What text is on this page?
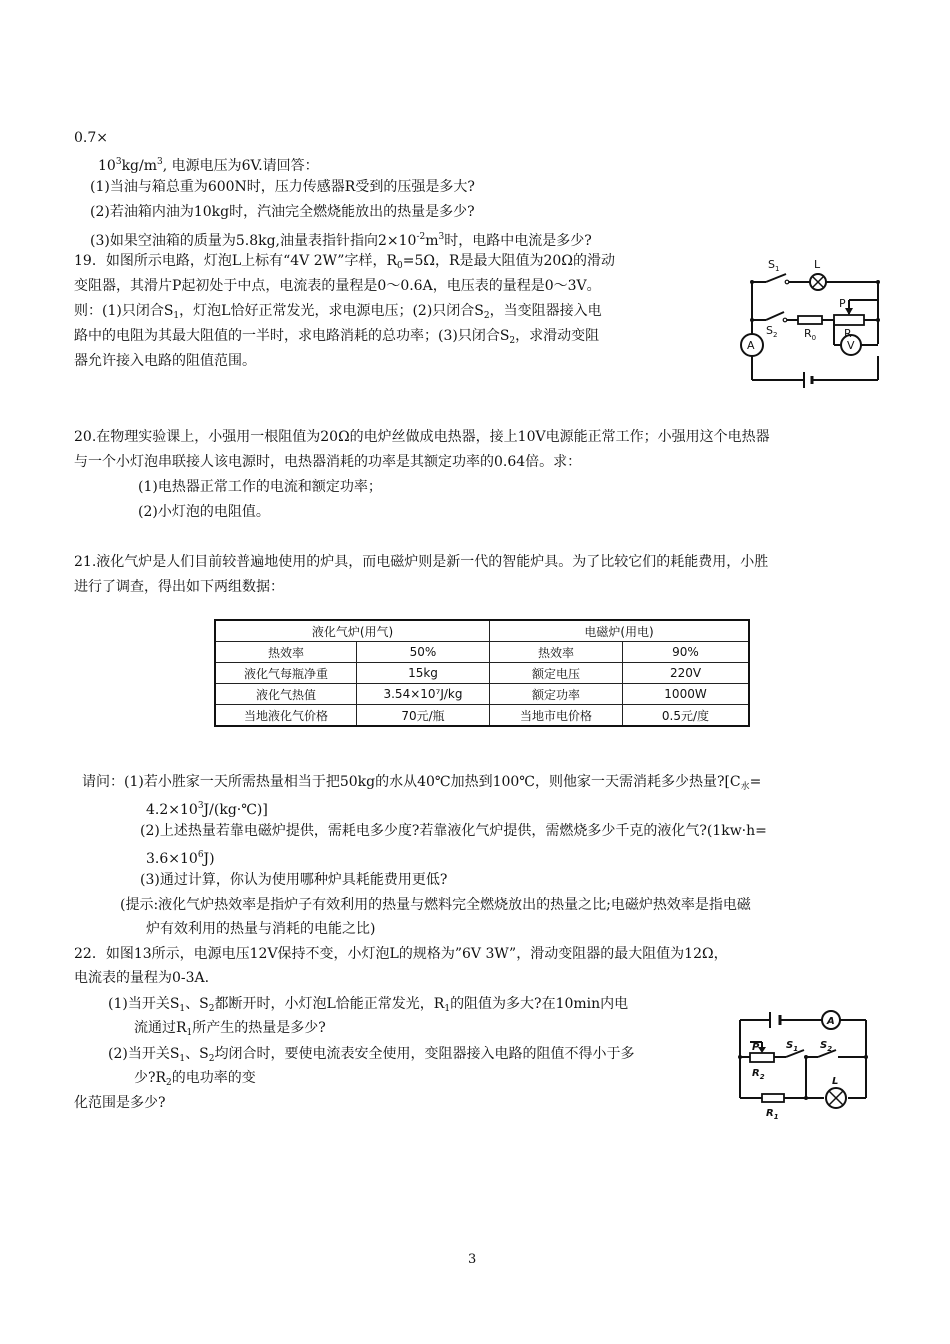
0.7×
$10^3kg/m^3$, 电源电压为6V.请回答：
(1)当油与箱总重为600N时，压力传感器R受到的压强是多大?
(2)若油箱内油为10kg时，汽油完全燃烧能放出的热量是多少?
(3)如果空油箱的质量为5.8kg,油量表指针指向$2\times 10^{-2}m^3$时，电路中电流是多少?
19．如图所示电路，灯泡L上标有“4V 2W”字样，$R_0=5\Omega$，R是最大阻值为20Ω的滑动
变阻器，其滑片P起初处于中点，电流表的量程是0～0.6A，电压表的量程是0～3V。
则：(1)只闭合$S_1$，灯泡L恰好正常发光，求电源电压；(2)只闭合$S_2$，当变阻器接入电
路中的电阻为其最大阻值的一半时，求电路消耗的总功率；(3)只闭合$S_2$，求滑动变阻
器允许接入电路的阻值范围。
$S_1$	L
P
$S_2$ $R_0$	R
A	V
20.在物理实验课上，小强用一根阻值为20Ω的电炉丝做成电热器，接上10V电源能正常工作；小强用这个电热器
与一个小灯泡串联接人该电源时，电热器消耗的功率是其额定功率的0.64倍。求：
(1)电热器正常工作的电流和额定功率；
(2)小灯泡的电阻值。
21.液化气炉是人们目前较普遍地使用的炉具，而电磁炉则是新一代的智能炉具。为了比较它们的耗能费用，小胜
进行了调查，得出如下两组数据：
液化气炉(用气)		电磁炉(用电)	
热效率	50%	热效率	90%
液化气每瓶净重	15kg	额定电压	220V
液化气热值	3.54×10⁷J/kg	额定功率	1000W
当地液化气价格	70元/瓶	当地市电价格	0.5元/度
请问：(1)若小胜家一天所需热量相当于把50kg的水从40℃加热到100℃，则他家一天需消耗多少热量$?[C_水=$
$4.2\times 10^3J/(kg\cdot℃)$]
(2)上述热量若靠电磁炉提供，需耗电多少度?若靠液化气炉提供，需燃烧多少千克的液化气?(1kw·h=
$3.6\times 10^6J$)
(3)通过计算，你认为使用哪种炉具耗能费用更低?
(提示:液化气炉热效率是指炉子有效利用的热量与燃料完全燃烧放出的热量之比;电磁炉热效率是指电磁
炉有效利用的热量与消耗的电能之比)
22．如图13所示，电源电压12V保持不变，小灯泡L的规格为”6V 3W”，滑动变阻器的最大阻值为12Ω，
电流表的量程为0-3A.
(1)当开关$S_1$、$S_2$都断开时，小灯泡L恰能正常发光，$R_1$的阻值为多大?在10min内电
流通过$R_1$所产生的热量是多少?
(2)当开关$S_1$、$S_2$均闭合时，要使电流表安全使用，变阻器接入电路的阻值不得小于多
少$?R_2$的电功率的变
化范围是多少?
A
P	$S_1$ $S_2$
$R_2$	L
$R_1$
3
